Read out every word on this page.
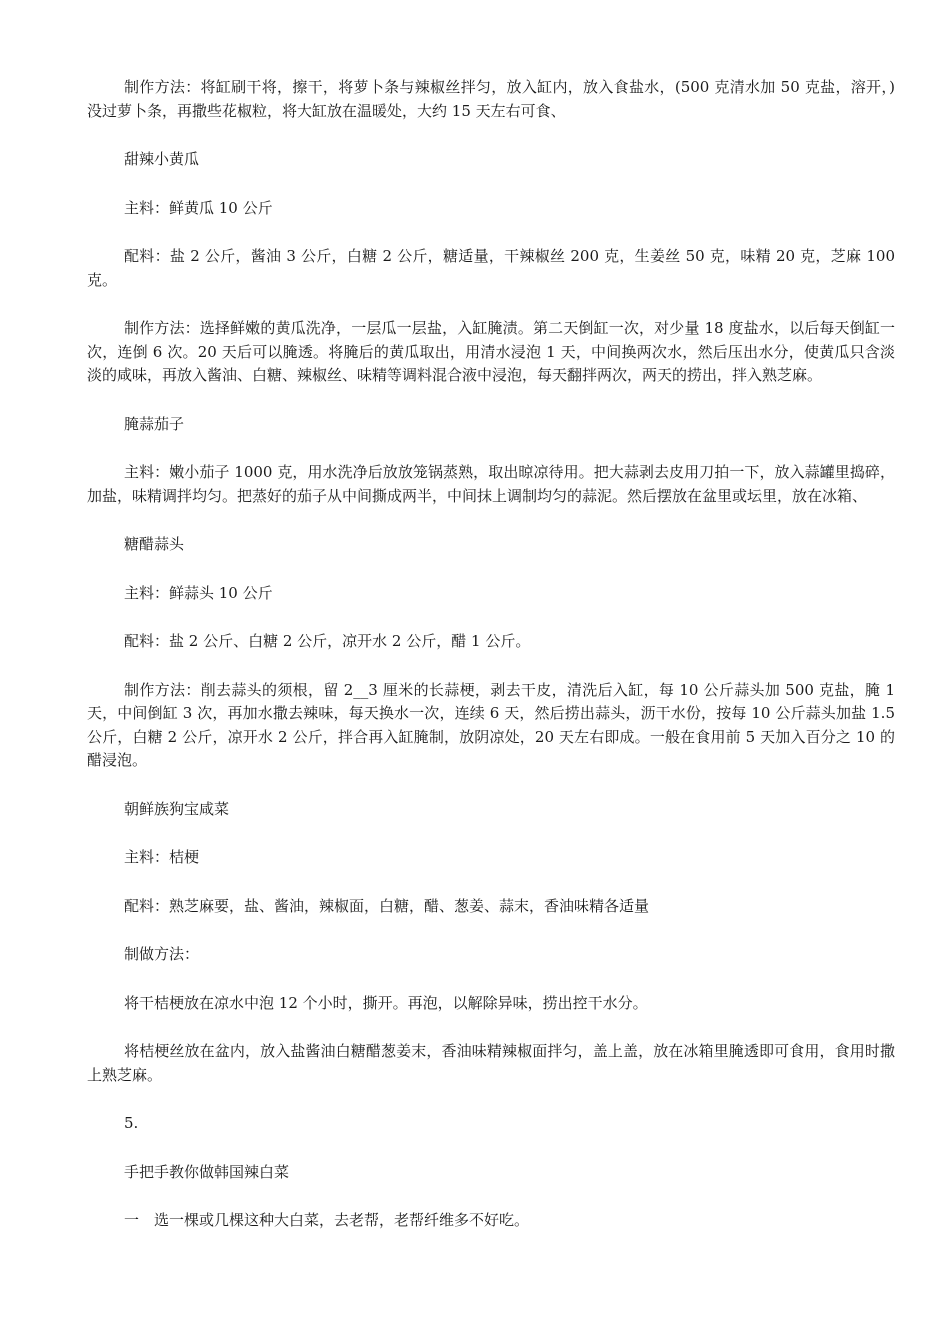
制作方法：将缸刷干将，擦干，将萝卜条与辣椒丝拌匀，放入缸内，放入食盐水，(500 克清水加 50 克盐，溶开，)没过萝卜条，再撒些花椒粒，将大缸放在温暖处，大约 15 天左右可食、

甜辣小黄瓜

主料：鲜黄瓜 10 公斤

配料：盐 2 公斤，酱油 3 公斤，白糖 2 公斤，糖适量，干辣椒丝 200 克，生姜丝 50 克，味精 20 克，芝麻 100 克。

制作方法：选择鲜嫩的黄瓜洗净，一层瓜一层盐，入缸腌渍。第二天倒缸一次，对少量 18 度盐水，以后每天倒缸一次，连倒 6 次。20 天后可以腌透。将腌后的黄瓜取出，用清水浸泡 1 天，中间换两次水，然后压出水分，使黄瓜只含淡淡的咸味，再放入酱油、白糖、辣椒丝、味精等调料混合液中浸泡，每天翻拌两次，两天的捞出，拌入熟芝麻。

腌蒜茄子

主料：嫩小茄子 1000 克，用水洗净后放放笼锅蒸熟，取出晾凉待用。把大蒜剥去皮用刀拍一下，放入蒜罐里捣碎，加盐，味精调拌均匀。把蒸好的茄子从中间撕成两半，中间抹上调制均匀的蒜泥。然后摆放在盆里或坛里，放在冰箱、

糖醋蒜头

主料：鲜蒜头 10 公斤

配料：盐 2 公斤、白糖 2 公斤，凉开水 2 公斤，醋 1 公斤。

制作方法：削去蒜头的须根，留 2__3 厘米的长蒜梗，剥去干皮，清洗后入缸，每 10 公斤蒜头加 500 克盐，腌 1 天，中间倒缸 3 次，再加水撒去辣味，每天换水一次，连续 6 天，然后捞出蒜头，沥干水份，按每 10 公斤蒜头加盐 1.5 公斤，白糖 2 公斤，凉开水 2 公斤，拌合再入缸腌制，放阴凉处，20 天左右即成。一般在食用前 5 天加入百分之 10 的醋浸泡。

朝鲜族狗宝咸菜

主料：桔梗

配料：熟芝麻要，盐、酱油，辣椒面，白糖，醋、葱姜、蒜末，香油味精各适量

制做方法：

将干桔梗放在凉水中泡 12 个小时，撕开。再泡，以解除异味，捞出控干水分。

将桔梗丝放在盆内，放入盐酱油白糖醋葱姜末，香油味精辣椒面拌匀，盖上盖，放在冰箱里腌透即可食用，食用时撒上熟芝麻。

5.

手把手教你做韩国辣白菜

一　选一棵或几棵这种大白菜，去老帮，老帮纤维多不好吃。
